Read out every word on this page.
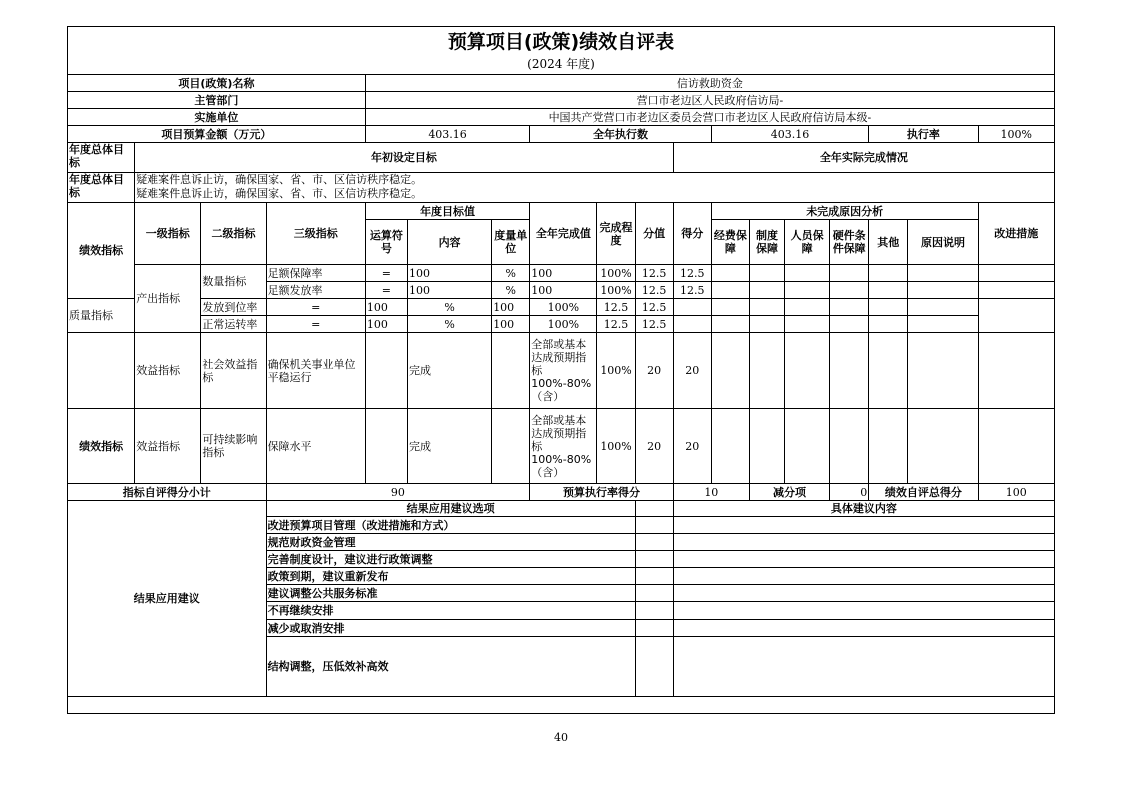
预算项目(政策)绩效自评表
(2024 年度)
项目(政策)名称				信访救助资金													
主管部门				营口市老边区人民政府信访局-													
实施单位				中国共产党营口市老边区委员会营口市老边区人民政府信访局本级-													
项目预算金额（万元）				403.16			全年执行数				403.16				执行率		100%
年度总体目标	年初设定目标									全年实际完成情况							
年度总体目标	疑难案件息诉止访，确保国家、省、市、区信访秩序稳定。
疑难案件息诉止访，确保国家、省、市、区信访秩序稳定。																

绩效指标	一级指标	二级指标	三级指标	年度目标值			全年完成值	完成程度	分值	得分	未完成原因分析						改进措施
				运算符号	内容	度量单位					经费保障	制度保障	人员保障	硬件条件保障	其他	原因说明	
	产出指标	数量指标	足额保障率	=	100	%	100	100%	12.5	12.5							
			足额发放率	=	100	%	100	100%	12.5	12.5							
质量指标		发放到位率	=	100	%	100	100%	12.5	12.5								
		正常运转率	=	100	%	100	100%	12.5	12.5								
	效益指标	社会效益指标	确保机关事业单位平稳运行		完成		全部或基本达成预期指标100%-80%（含）	100%	20	20							
绩效指标	效益指标	可持续影响指标	保障水平		完成		全部或基本达成预期指标100%-80%（含）	100%	20	20							
指标自评得分小计			90				预算执行率得分			10		减分项		0	绩效自评总得分		100
结果应用建议			结果应用建议选项							具体建议内容							
			改进预算项目管理（改进措施和方式）														
			规范财政资金管理														
			完善制度设计，建议进行政策调整														
			政策到期，建议重新发布														
			建议调整公共服务标准														
			不再继续安排														
			减少或取消安排														
			结构调整，压低效补高效														
40
